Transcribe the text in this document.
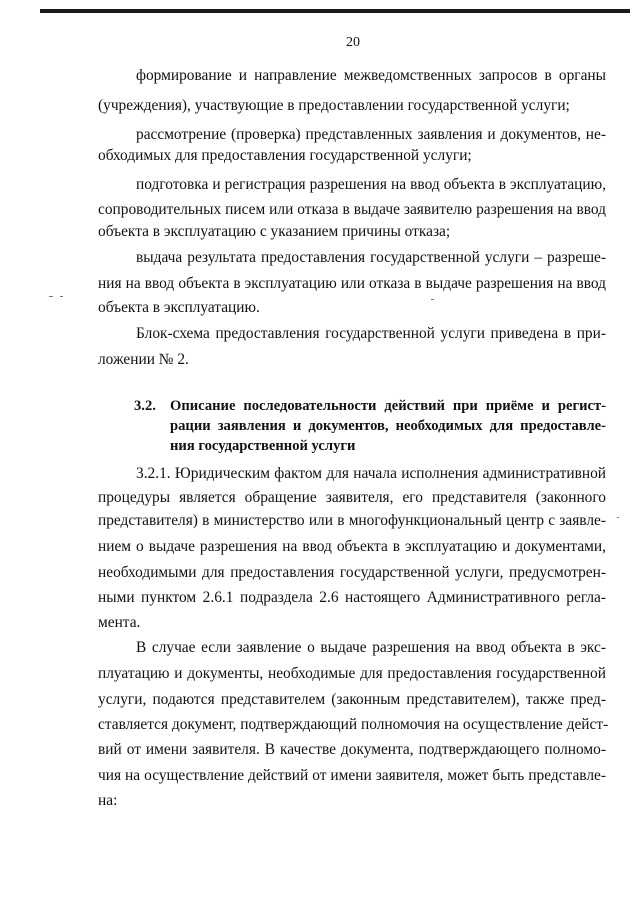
20
формирование и направление межведомственных запросов в органы
(учреждения), участвующие в предоставлении государственной услуги;
рассмотрение (проверка) представленных заявления и документов, не-
обходимых для предоставления государственной услуги;
подготовка и регистрация разрешения на ввод объекта в эксплуатацию,
сопроводительных писем или отказа в выдаче заявителю разрешения на ввод
объекта в эксплуатацию с указанием причины отказа;
выдача результата предоставления государственной услуги – разреше-
ния на ввод объекта в эксплуатацию или отказа в выдаче разрешения на ввод
объекта в эксплуатацию.
Блок-схема предоставления государственной услуги приведена в при-
ложении № 2.
3.2. Описание последовательности действий при приёме и регист-
рации заявления и документов, необходимых для предоставле-
ния государственной услуги
3.2.1. Юридическим фактом для начала исполнения административной
процедуры является обращение заявителя, его представителя (законного
представителя) в министерство или в многофункциональный центр с заявле-
нием о выдаче разрешения на ввод объекта в эксплуатацию и документами,
необходимыми для предоставления государственной услуги, предусмотрен-
ными пунктом 2.6.1 подраздела 2.6 настоящего Административного регла-
мента.
В случае если заявление о выдаче разрешения на ввод объекта в экс-
плуатацию и документы, необходимые для предоставления государственной
услуги, подаются представителем (законным представителем), также пред-
ставляется документ, подтверждающий полномочия на осуществление дейст-
вий от имени заявителя. В качестве документа, подтверждающего полномо-
чия на осуществление действий от имени заявителя, может быть представле-
на:
